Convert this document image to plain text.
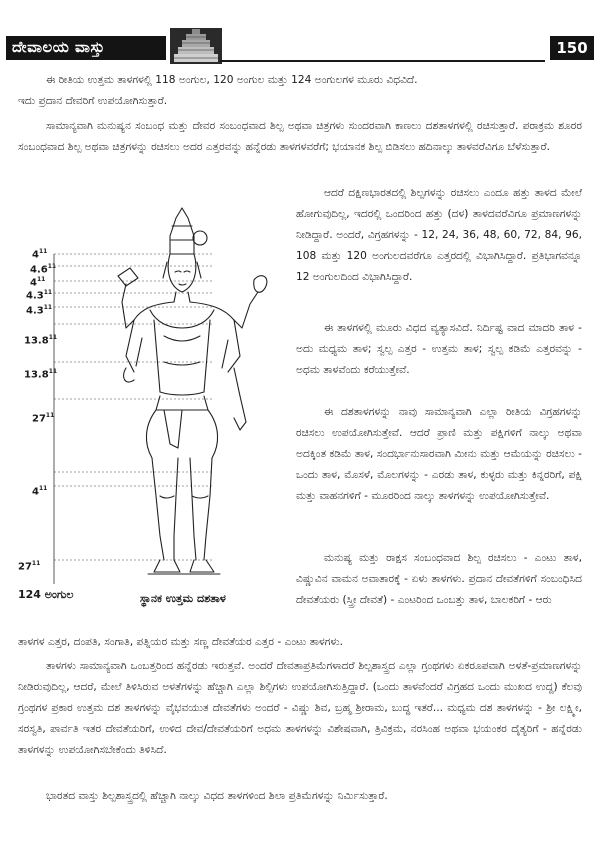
ದೇವಾಲಯ ವಾಸ್ತು	150
ಈ ರೀತಿಯ ಉತ್ತಮ ತಾಳಗಳಲ್ಲಿ 118 ಅಂಗುಲ, 120 ಅಂಗುಲ ಮತ್ತು 124 ಅಂಗುಲಗಳ ಮೂರು ವಿಧವಿದೆ.
ಇದು ಪ್ರದಾನ ದೇವರಿಗೆ ಉಪಯೋಗಿಸುತ್ತಾರೆ.
ಸಾಮಾನ್ಯವಾಗಿ ಮನುಷ್ಯನ ಸಂಬಂಧ ಮತ್ತು ದೇವರ ಸಂಬಂಧವಾದ ಶಿಲ್ಪ ಅಥವಾ ಚಿತ್ರಗಳು ಸುಂದರವಾಗಿ ಕಾಣಲು ದಶತಾಳಗಳಲ್ಲಿ ರಚಿಸುತ್ತಾರೆ. ಪರಾಕ್ರಮ ಶೂರರ ಸಂಬಂಧವಾದ ಶಿಲ್ಪ ಅಥವಾ ಚಿತ್ರಗಳನ್ನು ರಚಿಸಲು ಅದರ ಎತ್ತರವನ್ನು ಹನ್ನೆರಡು ತಾಳಗಳವರೆಗೆ; ಭಯಾನಕ ಶಿಲ್ಪ ಬಿಡಿಸಲು ಹದಿನಾಲ್ಕು ತಾಳವರೆವಿಗೂ ಬೆಳೆಸುತ್ತಾರೆ.
ಆದರೆ ದಕ್ಷಿಣಭಾರತದಲ್ಲಿ ಶಿಲ್ಪಗಳನ್ನು ರಚಿಸಲು ಎಂದೂ ಹತ್ತು ತಾಳದ ಮೇಲೆ ಹೋಗುವುದಿಲ್ಲ, ಇದರಲ್ಲಿ ಒಂದರಿಂದ ಹತ್ತು (ದಳ) ತಾಳದವರೆವಿಗೂ ಪ್ರಮಾಣಗಳನ್ನು ನೀಡಿದ್ದಾರೆ. ಅಂದರೆ, ವಿಗ್ರಹಗಳನ್ನು - 12, 24, 36, 48, 60, 72, 84, 96, 108 ಮತ್ತು 120 ಅಂಗುಲದವರೆಗೂ ಎತ್ತರದಲ್ಲಿ ವಿಭಾಗಿಸಿದ್ದಾರೆ. ಪ್ರತಿಭಾಗವನ್ನೂ 12 ಅಂಗುಲದಿಂದ ವಿಭಾಗಿಸಿದ್ದಾರೆ.
ಈ ತಾಳಗಳಲ್ಲಿ ಮೂರು ವಿಧದ ವ್ಯತ್ಯಾಸವಿದೆ. ನಿರ್ದಿಷ್ಟ ವಾದ ಮಾದರಿ ತಾಳ - ಅದು ಮಧ್ಯಮ ತಾಳ; ಸ್ವಲ್ಪ ಎತ್ತರ - ಉತ್ತಮ ತಾಳ; ಸ್ವಲ್ಪ ಕಡಿಮೆ ಎತ್ತರವನ್ನು - ಅಧಮ ತಾಳವೆಂದು ಕರೆಯುತ್ತೇವೆ.
ಈ ದಶತಾಳಗಳನ್ನು ನಾವು ಸಾಮಾನ್ಯವಾಗಿ ಎಲ್ಲಾ ರೀತಿಯ ವಿಗ್ರಹಗಳನ್ನು ರಚಿಸಲು ಉಪಯೋಗಿಸುತ್ತೇವೆ. ಆದರೆ ಪ್ರಾಣಿ ಮತ್ತು ಪಕ್ಷಿಗಳಿಗೆ ನಾಲ್ಕು ಅಥವಾ ಅದಕ್ಕಿಂತ ಕಡಿಮೆ ತಾಳ, ಸಂದರ್ಭಾನುಸಾರವಾಗಿ ಮೀನು ಮತ್ತು ಆಮೆಯನ್ನು ರಚಿಸಲು - ಒಂದು ತಾಳ, ಮೊಸಳೆ, ಮೊಲಗಳನ್ನು - ಎರಡು ತಾಳ, ಕುಳ್ಳರು ಮತ್ತು ಕಿನ್ನರರಿಗೆ, ಪಕ್ಷಿ ಮತ್ತು ವಾಹನಗಳಿಗೆ - ಮೂರರಿಂದ ನಾಲ್ಕು ತಾಳಗಳನ್ನು ಉಪಯೋಗಿಸುತ್ತೇವೆ.
ಮನುಷ್ಯ ಮತ್ತು ರಾಕ್ಷಸ ಸಂಬಂಧವಾದ ಶಿಲ್ಪ ರಚಿಸಲು - ಎಂಟು ತಾಳ, ವಿಷ್ಣುವಿನ ವಾಮನ ಅವಾತಾರಕ್ಕೆ - ಏಳು ತಾಳಗಳು. ಪ್ರದಾನ ದೇವತೆಗಳಿಗೆ ಸಂಬಂಧಿಸಿದ ದೇವತೆಯರು (ಸ್ತ್ರೀ ದೇವತೆ) - ಎಂಟರಿಂದ ಒಂಬತ್ತು ತಾಳ, ಬಾಲಕರಿಗೆ - ಆರು
ತಾಳಗಳ ಎತ್ತರ, ದಂಪತಿ, ಸಂಗಾತಿ, ಪತ್ನಿಯರ ಮತ್ತು ಸಣ್ಣ ದೇವತೆಯರ ಎತ್ತರ - ಎಂಟು ತಾಳಗಳು.
ತಾಳಗಳು ಸಾಮಾನ್ಯವಾಗಿ ಒಂಬತ್ತರಿಂದ ಹನ್ನೆರಡು ಇರುತ್ತವೆ. ಅಂದರೆ ದೇವತಾಪ್ರತಿಮೆಗಳಾದರೆ ಶಿಲ್ಪಶಾಸ್ತ್ರದ ಎಲ್ಲಾ ಗ್ರಂಥಗಳು ಏಕರೂಪವಾಗಿ ಅಳತೆ-ಪ್ರಮಾಣಗಳನ್ನು ನೀಡಿರುವುದಿಲ್ಲ, ಆದರೆ, ಮೇಲೆ ತಿಳಿಸಿರುವ ಅಳತೆಗಳನ್ನು ಹೆಚ್ಚಾಗಿ ಎಲ್ಲಾ ಶಿಲ್ಪಿಗಳು ಉಪಯೋಗಿಸುತ್ತಿದ್ದಾರೆ. (ಒಂದು ತಾಳವೆಂದರೆ ವಿಗ್ರಹದ ಒಂದು ಮುಖದ ಉದ್ದ) ಕೆಲವು ಗ್ರಂಥಗಳ ಪ್ರಕಾರ ಉತ್ತಮ ದಶ ತಾಳಗಳನ್ನು ವೈಭವಯುತ ದೇವತೆಗಳು ಅಂದರೆ - ವಿಷ್ಣು ಶಿವ, ಬ್ರಹ್ಮ ಶ್ರೀರಾಮ, ಬುದ್ಧ ಇತರೆ... ಮಧ್ಯಮ ದಶ ತಾಳಗಳನ್ನು - ಶ್ರೀ ಲಕ್ಷ್ಮೀ, ಸರಸ್ವತಿ, ಪಾರ್ವತಿ ಇತರ ದೇವತೆಯರಿಗೆ, ಉಳಿದ ದೇವ/ದೇವತೆಯರಿಗೆ ಅಧಮ ತಾಳಗಳನ್ನು ವಿಶೇಷವಾಗಿ, ತ್ರಿವಿಕ್ರಮ, ನರಸಿಂಹ ಅಥವಾ ಭಯಂಕರ ದೈತ್ಯರಿಗೆ - ಹನ್ನೆರಡು ತಾಳಗಳನ್ನು ಉಪಯೋಗಿಸಬೇಕೆಂದು ತಿಳಿಸಿದೆ.
ಭಾರತದ ವಾಸ್ತು ಶಿಲ್ಪಶಾಸ್ತ್ರದಲ್ಲಿ ಹೆಚ್ಚಾಗಿ ನಾಲ್ಕು ವಿಧದ ತಾಳಗಳಿಂದ ಶಿಲಾ ಪ್ರತಿಮೆಗಳನ್ನು ನಿರ್ಮಿಸುತ್ತಾರೆ.
$4^{11}$
$4.6^{11}$
$4^{11}$
$4.3^{11}$
$4.3^{11}$
13.8$^{11}$
13.8$^{11}$
$27^{11}$
$4^{11}$
$27^{11}$
124 ಅಂಗುಲ	ಸ್ಥಾನಕ ಉತ್ತಮ ದಶತಾಳ
